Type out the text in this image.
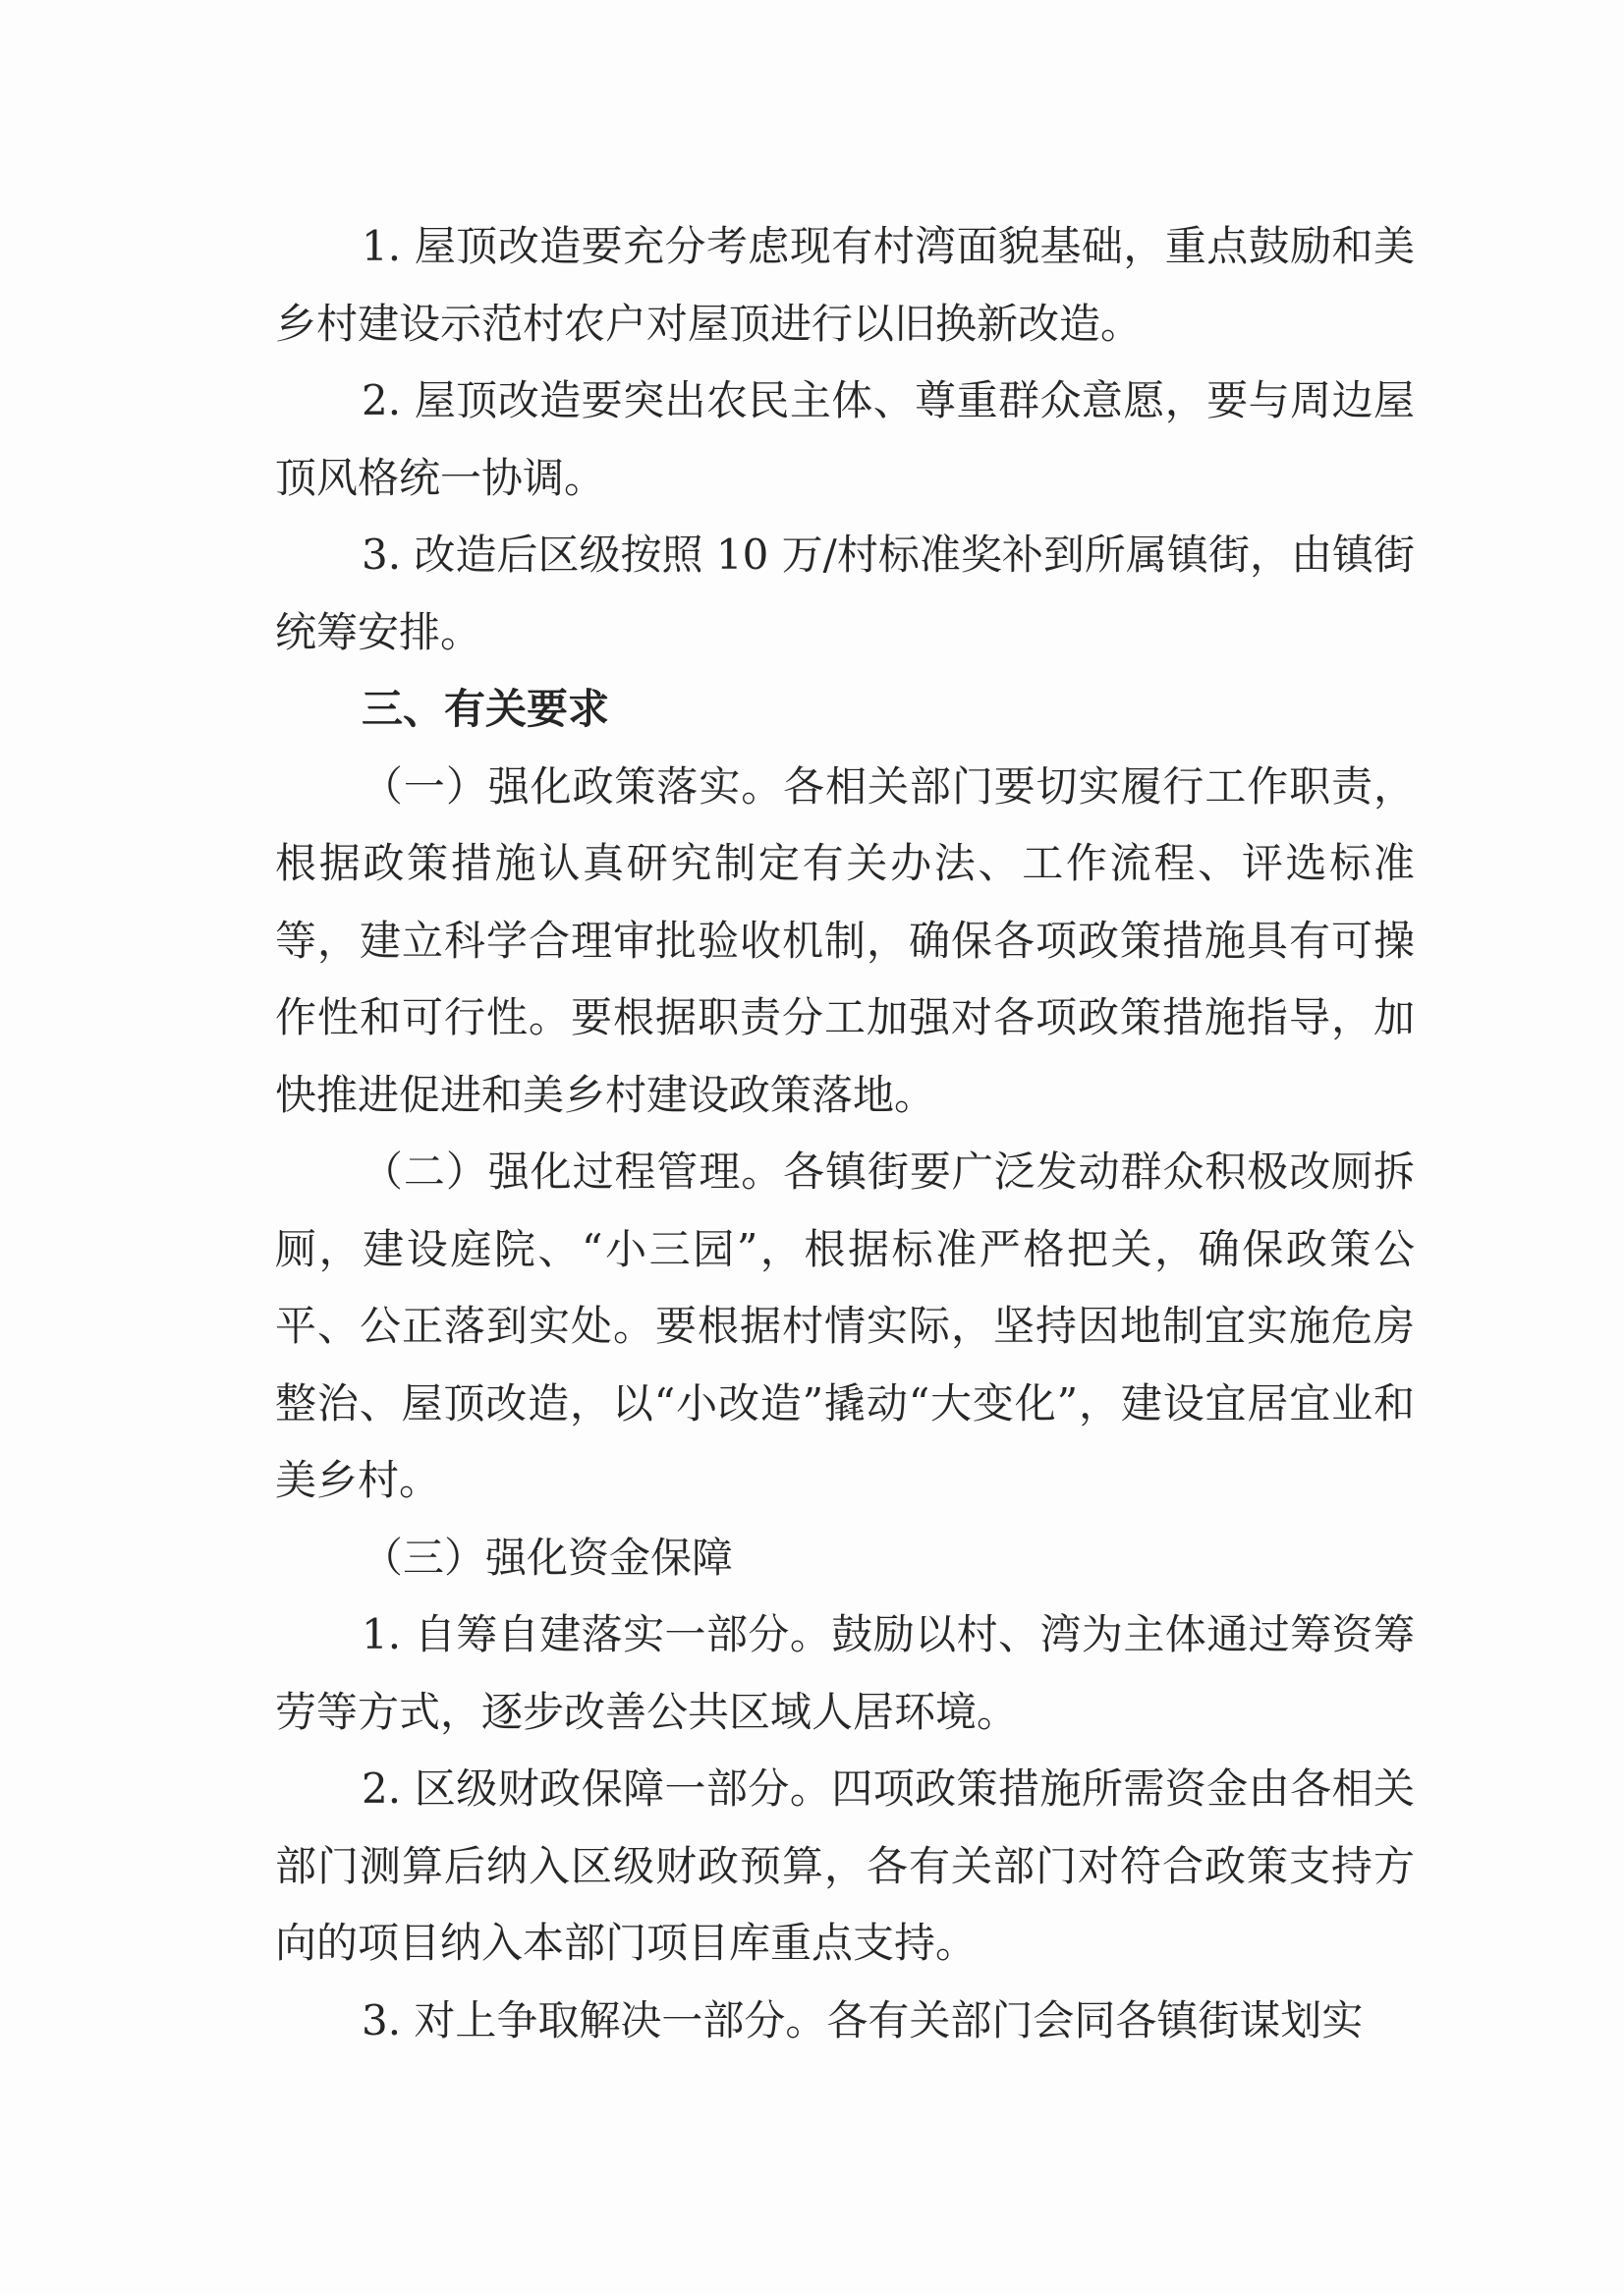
1. 屋顶改造要充分考虑现有村湾面貌基础，重点鼓励和美乡村建设示范村农户对屋顶进行以旧换新改造。

2. 屋顶改造要突出农民主体、尊重群众意愿，要与周边屋顶风格统一协调。

3. 改造后区级按照 10 万/村标准奖补到所属镇街，由镇街统筹安排。

三、有关要求

（一）强化政策落实。各相关部门要切实履行工作职责，根据政策措施认真研究制定有关办法、工作流程、评选标准等，建立科学合理审批验收机制，确保各项政策措施具有可操作性和可行性。要根据职责分工加强对各项政策措施指导，加快推进促进和美乡村建设政策落地。

（二）强化过程管理。各镇街要广泛发动群众积极改厕拆厕，建设庭院、“小三园”，根据标准严格把关，确保政策公平、公正落到实处。要根据村情实际，坚持因地制宜实施危房整治、屋顶改造，以“小改造”撬动“大变化”，建设宜居宜业和美乡村。

（三）强化资金保障

1. 自筹自建落实一部分。鼓励以村、湾为主体通过筹资筹劳等方式，逐步改善公共区域人居环境。

2. 区级财政保障一部分。四项政策措施所需资金由各相关部门测算后纳入区级财政预算，各有关部门对符合政策支持方向的项目纳入本部门项目库重点支持。

3. 对上争取解决一部分。各有关部门会同各镇街谋划实
